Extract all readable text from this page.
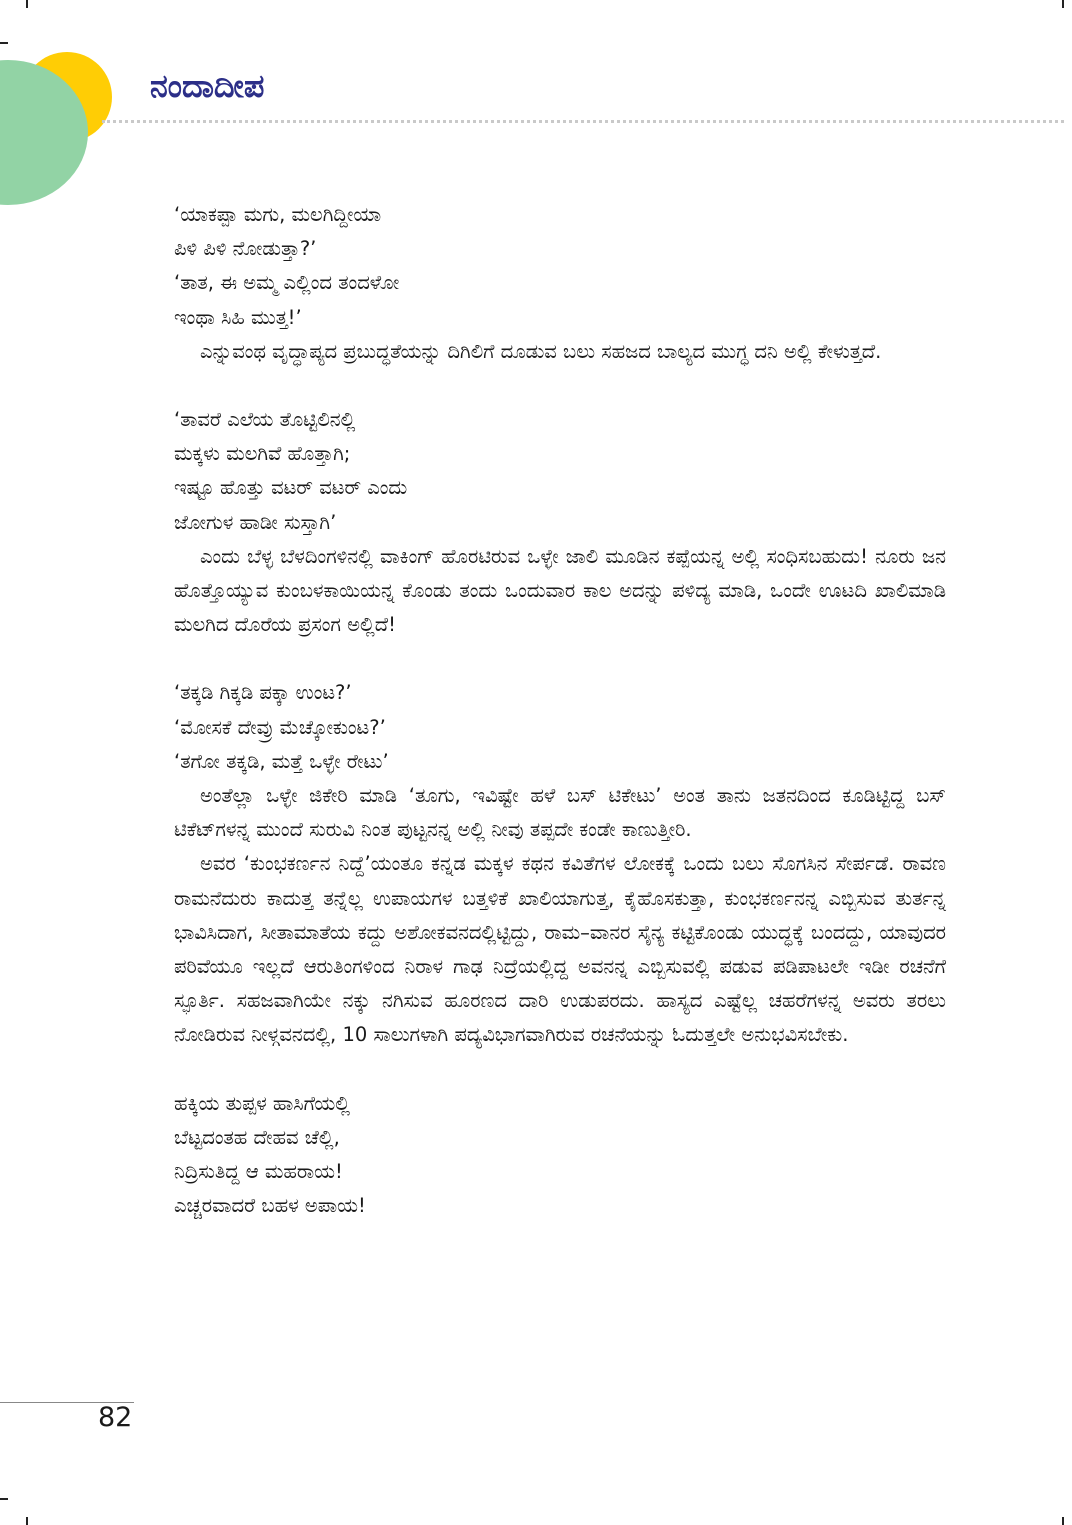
ನಂದಾದೀಪ
‘ಯಾಕಪ್ಪಾ ಮಗು, ಮಲಗಿದ್ದೀಯಾ
ಪಿಳಿ ಪಿಳಿ ನೋಡುತ್ತಾ?’
‘ತಾತ, ಈ ಅಮ್ಮ ಎಲ್ಲಿಂದ ತಂದಳೋ
ಇಂಥಾ ಸಿಹಿ ಮುತ್ತ!’

ಎನ್ನುವಂಥ ವೃದ್ಧಾಪ್ಯದ ಪ್ರಬುದ್ಧತೆಯನ್ನು ದಿಗಿಲಿಗೆ ದೂಡುವ ಬಲು ಸಹಜದ ಬಾಲ್ಯದ ಮುಗ್ಧ ದನಿ ಅಲ್ಲಿ ಕೇಳುತ್ತದೆ.

‘ತಾವರೆ ಎಲೆಯ ತೊಟ್ಟಿಲಿನಲ್ಲಿ
ಮಕ್ಕಳು ಮಲಗಿವೆ ಹೊತ್ತಾಗಿ;
ಇಷ್ಟೂ ಹೊತ್ತು ವಟರ್ ವಟರ್ ಎಂದು
ಜೋಗುಳ ಹಾಡೀ ಸುಸ್ತಾಗಿ’

ಎಂದು ಬೆಳ್ಳ ಬೆಳದಿಂಗಳಿನಲ್ಲಿ ವಾಕಿಂಗ್ ಹೊರಟಿರುವ ಒಳ್ಳೇ ಜಾಲಿ ಮೂಡಿನ ಕಪ್ಪೆಯನ್ನ ಅಲ್ಲಿ ಸಂಧಿಸಬಹುದು! ನೂರು ಜನ ಹೊತ್ತೊಯ್ಯುವ ಕುಂಬಳಕಾಯಿಯನ್ನ ಕೊಂಡು ತಂದು ಒಂದುವಾರ ಕಾಲ ಅದನ್ನು ಪಳಿದ್ಯ ಮಾಡಿ, ಒಂದೇ ಊಟದಿ ಖಾಲಿಮಾಡಿ ಮಲಗಿದ ದೊರೆಯ ಪ್ರಸಂಗ ಅಲ್ಲಿದೆ!

‘ತಕ್ಕಡಿ ಗಿಕ್ಕಡಿ ಪಕ್ಕಾ ಉಂಟ?’
‘ಮೋಸಕೆ ದೇವ್ರು ಮೆಚ್ಕೋಕುಂಟ?’
‘ತಗೋ ತಕ್ಕಡಿ, ಮತ್ತೆ ಒಳ್ಳೇ ರೇಟು’

ಅಂತೆಲ್ಲಾ ಒಳ್ಳೇ ಜಿಕೇರಿ ಮಾಡಿ ‘ತೂಗು, ಇವಿಷ್ಟೇ ಹಳೆ ಬಸ್ ಟಿಕೇಟು’ ಅಂತ ತಾನು ಜತನದಿಂದ ಕೂಡಿಟ್ಟಿದ್ದ ಬಸ್ ಟಿಕೆಟ್‌ಗಳನ್ನ ಮುಂದೆ ಸುರುವಿ ನಿಂತ ಪುಟ್ಟನನ್ನ ಅಲ್ಲಿ ನೀವು ತಪ್ಪದೇ ಕಂಡೇ ಕಾಣುತ್ತೀರಿ.

ಅವರ ‘ಕುಂಭಕರ್ಣನ ನಿದ್ದೆ’ಯಂತೂ ಕನ್ನಡ ಮಕ್ಕಳ ಕಥನ ಕವಿತೆಗಳ ಲೋಕಕ್ಕೆ ಒಂದು ಬಲು ಸೊಗಸಿನ ಸೇರ್ಪಡೆ. ರಾವಣ ರಾಮನೆದುರು ಕಾದುತ್ತ ತನ್ನೆಲ್ಲ ಉಪಾಯಗಳ ಬತ್ತಳಿಕೆ ಖಾಲಿಯಾಗುತ್ತ, ಕೈಹೊಸಕುತ್ತಾ, ಕುಂಭಕರ್ಣನನ್ನ ಎಬ್ಬಿಸುವ ತುರ್ತನ್ನ ಭಾವಿಸಿದಾಗ, ಸೀತಾಮಾತೆಯ ಕದ್ದು ಅಶೋಕವನದಲ್ಲಿಟ್ಟಿದ್ದು, ರಾಮ–ವಾನರ ಸೈನ್ಯ ಕಟ್ಟಿಕೊಂಡು ಯುದ್ಧಕ್ಕೆ ಬಂದದ್ದು, ಯಾವುದರ ಪರಿವೆಯೂ ಇಲ್ಲದೆ ಆರುತಿಂಗಳಿಂದ ನಿರಾಳ ಗಾಢ ನಿದ್ರೆಯಲ್ಲಿದ್ದ ಅವನನ್ನ ಎಬ್ಬಿಸುವಲ್ಲಿ ಪಡುವ ಪಡಿಪಾಟಲೇ ಇಡೀ ರಚನೆಗೆ ಸ್ಫೂರ್ತಿ. ಸಹಜವಾಗಿಯೇ ನಕ್ಕು ನಗಿಸುವ ಹೂರಣದ ದಾರಿ ಉಡುಪರದು. ಹಾಸ್ಯದ ಎಷ್ಟೆಲ್ಲ ಚಹರೆಗಳನ್ನ ಅವರು ತರಲು ನೋಡಿರುವ ನೀಳ್ಗವನದಲ್ಲಿ, 10 ಸಾಲುಗಳಾಗಿ ಪದ್ಯವಿಭಾಗವಾಗಿರುವ ರಚನೆಯನ್ನು ಓದುತ್ತಲೇ ಅನುಭವಿಸಬೇಕು.

ಹಕ್ಕಿಯ ತುಪ್ಪಳ ಹಾಸಿಗೆಯಲ್ಲಿ
ಬೆಟ್ಟದಂತಹ ದೇಹವ ಚೆಲ್ಲಿ,
ನಿದ್ರಿಸುತಿದ್ದ ಆ ಮಹರಾಯ!
ಎಚ್ಚರವಾದರೆ ಬಹಳ ಅಪಾಯ!
82
